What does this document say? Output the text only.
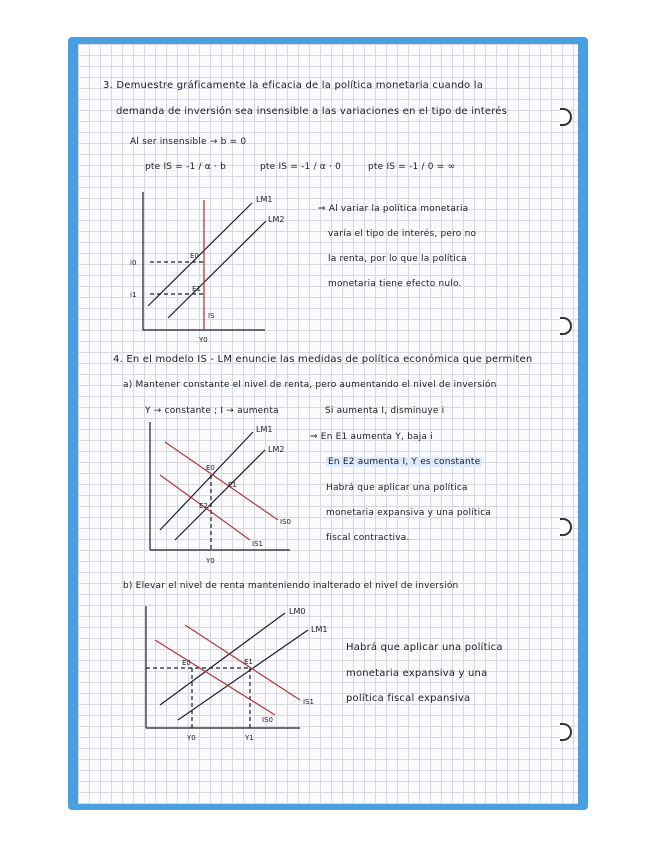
3. Demuestre gráficamente la eficacia de la política monetaria cuando la
demanda de inversión sea insensible a las variaciones en el tipo de interés
Al ser insensible → b = 0
pte IS = -1 / α · b	pte IS = -1 / α · 0	pte IS = -1 / 0 = ∞
LM1
LM2
IS
E0
E1
i0
i1
Y0
LM1
LM2
IS0
IS1
E0
E1
E2
Y0
LM0
LM1
IS1
IS0
E0	E1
Y0	Y1
⇒ Al variar la política monetaria
varía el tipo de interés, pero no
la renta, por lo que la política
monetaria tiene efecto nulo.
4. En el modelo IS - LM enuncie las medidas de política económica que permiten
a) Mantener constante el nivel de renta, pero aumentando el nivel de inversión
Y → constante ; I → aumenta	Si aumenta I, disminuye i
⇒ En E1 aumenta Y, baja i
En E2 aumenta I, Y es constante
Habrá que aplicar una política
monetaria expansiva y una política
fiscal contractiva.
b) Elevar el nivel de renta manteniendo inalterado el nivel de inversión
Habrá que aplicar una política
monetaria expansiva y una
política fiscal expansiva
